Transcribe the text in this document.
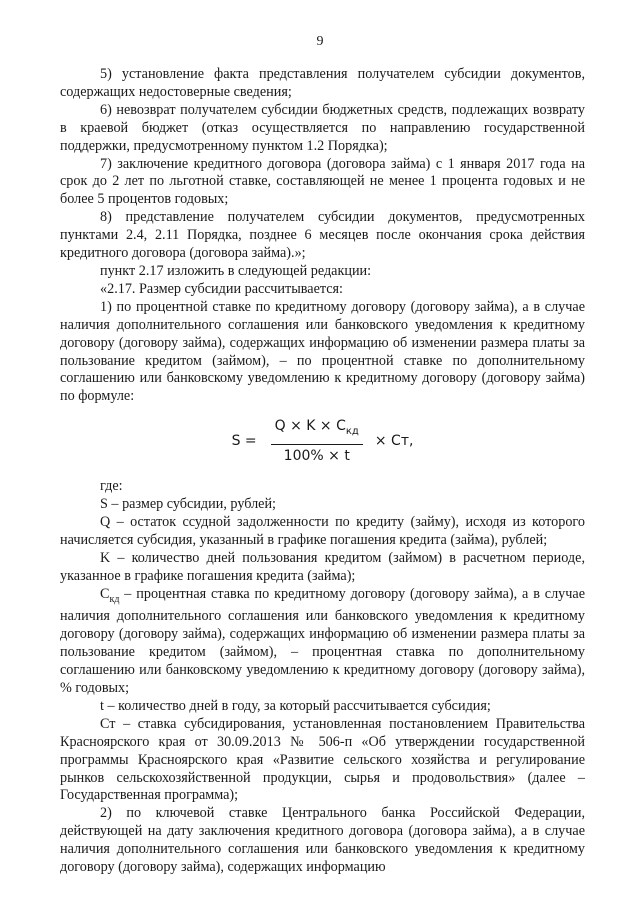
9

5) установление факта представления получателем субсидии документов, содержащих недостоверные сведения;

6) невозврат получателем субсидии бюджетных средств, подлежащих возврату в краевой бюджет (отказ осуществляется по направлению государственной поддержки, предусмотренному пунктом 1.2 Порядка);

7) заключение кредитного договора (договора займа) с 1 января 2017 года на срок до 2 лет по льготной ставке, составляющей не менее 1 процента годовых и не более 5 процентов годовых;

8) представление получателем субсидии документов, предусмотренных пунктами 2.4, 2.11 Порядка, позднее 6 месяцев после окончания срока действия кредитного договора (договора займа).»;

пункт 2.17 изложить в следующей редакции:

«2.17. Размер субсидии рассчитывается:

1) по процентной ставке по кредитному договору (договору займа), а в случае наличия дополнительного соглашения или банковского уведомления к кредитному договору (договору займа), содержащих информацию об изменении размера платы за пользование кредитом (займом), – по процентной ставке по дополнительному соглашению или банковскому уведомлению к кредитному договору (договору займа) по формуле:

$S = \frac{Q \times K \times C_{кд}}{100\% \times t}$ × Ст,

где:

S – размер субсидии, рублей;

Q – остаток ссудной задолженности по кредиту (займу), исходя из которого начисляется субсидия, указанный в графике погашения кредита (займа), рублей;

K – количество дней пользования кредитом (займом) в расчетном периоде, указанное в графике погашения кредита (займа);

$С_{кд}$ – процентная ставка по кредитному договору (договору займа), а в случае наличия дополнительного соглашения или банковского уведомления к кредитному договору (договору займа), содержащих информацию об изменении размера платы за пользование кредитом (займом), – процентная ставка по дополнительному соглашению или банковскому уведомлению к кредитному договору (договору займа), % годовых;

t – количество дней в году, за который рассчитывается субсидия;

Ст – ставка субсидирования, установленная постановлением Правительства Красноярского края от 30.09.2013 № 506-п «Об утверждении государственной программы Красноярского края «Развитие сельского хозяйства и регулирование рынков сельскохозяйственной продукции, сырья и продовольствия» (далее – Государственная программа);

2) по ключевой ставке Центрального банка Российской Федерации, действующей на дату заключения кредитного договора (договора займа), а в случае наличия дополнительного соглашения или банковского уведомления к кредитному договору (договору займа), содержащих информацию
